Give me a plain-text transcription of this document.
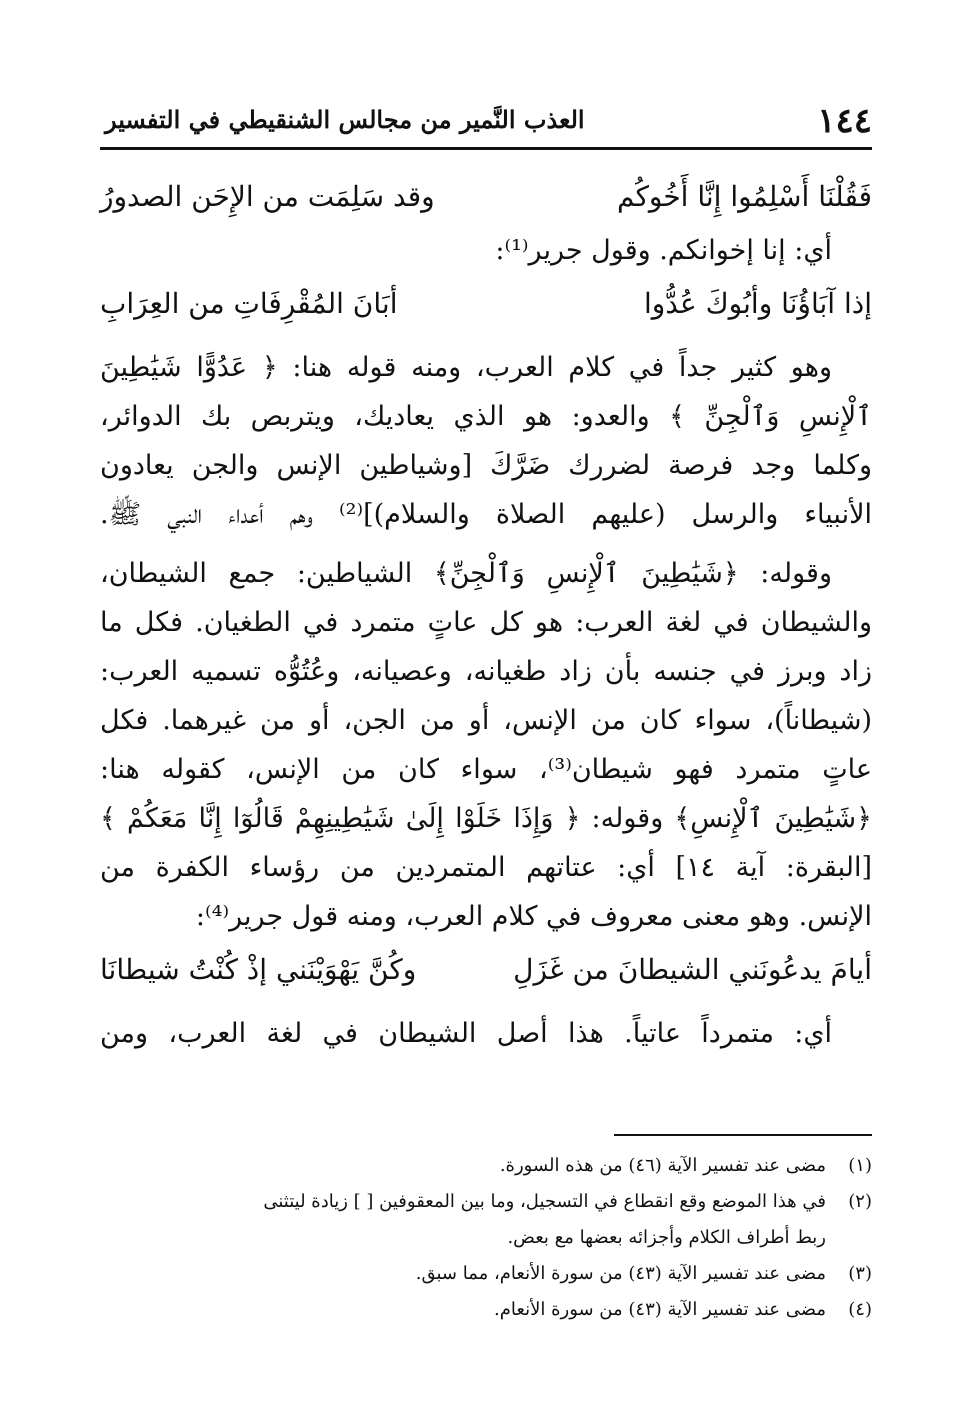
١٤٤
العذب النَّمير من مجالس الشنقيطي في التفسير
فَقُلْنَا أَسْلِمُوا إِنَّا أَخُوكُم
وقد سَلِمَت من الإِحَن الصدورُ
أي: إنا إخوانكم. وقول جرير⁽¹⁾:
إذا آبَاؤُنَا وأبُوكَ عُدُّوا
أبَانَ المُقْرِفَاتِ من العِرَابِ
وهو كثير جداً في كلام العرب، ومنه قوله هنا: ﴿ عَدُوًّا شَيَٰطِينَ
ٱلْإِنسِ وَٱلْجِنِّ ﴾ والعدو: هو الذي يعاديك، ويتربص بك الدوائر،
وكلما وجد فرصة لضررك ضَرَّكَ [وشياطين الإنس والجن يعادون
الأنبياء والرسل (عليهم الصلاة والسلام)]⁽²⁾ وهم أعداء النبي ﷺ.
وقوله: ﴿شَيَٰطِينَ ٱلْإِنسِ وَٱلْجِنِّ﴾ الشياطين: جمع الشيطان،
والشيطان في لغة العرب: هو كل عاتٍ متمرد في الطغيان. فكل ما
زاد وبرز في جنسه بأن زاد طغيانه، وعصيانه، وعُتُوُّه تسميه العرب:
(شيطاناً)، سواء كان من الإنس، أو من الجن، أو من غيرهما. فكل
عاتٍ متمرد فهو شيطان⁽³⁾، سواء كان من الإنس، كقوله هنا:
﴿شَيَٰطِينَ ٱلْإِنسِ﴾ وقوله: ﴿ وَإِذَا خَلَوْا إِلَىٰ شَيَٰطِينِهِمْ قَالُوٓا إِنَّا مَعَكُمْ ﴾
[البقرة: آية ١٤] أي: عتاتهم المتمردين من رؤساء الكفرة من
الإنس. وهو معنى معروف في كلام العرب، ومنه قول جرير⁽⁴⁾:
أيامَ يدعُونَني الشيطانَ من غَزَلِ
وكُنَّ يَهْوَيْنَني إذْ كُنْتُ شيطانَا
أي: متمرداً عاتياً. هذا أصل الشيطان في لغة العرب، ومن
(١)
مضى عند تفسير الآية (٤٦) من هذه السورة.
(٢)
في هذا الموضع وقع انقطاع في التسجيل، وما بين المعقوفين [ ] زيادة ليتثنى
ربط أطراف الكلام وأجزائه بعضها مع بعض.
(٣)
مضى عند تفسير الآية (٤٣) من سورة الأنعام، مما سبق.
(٤)
مضى عند تفسير الآية (٤٣) من سورة الأنعام.
